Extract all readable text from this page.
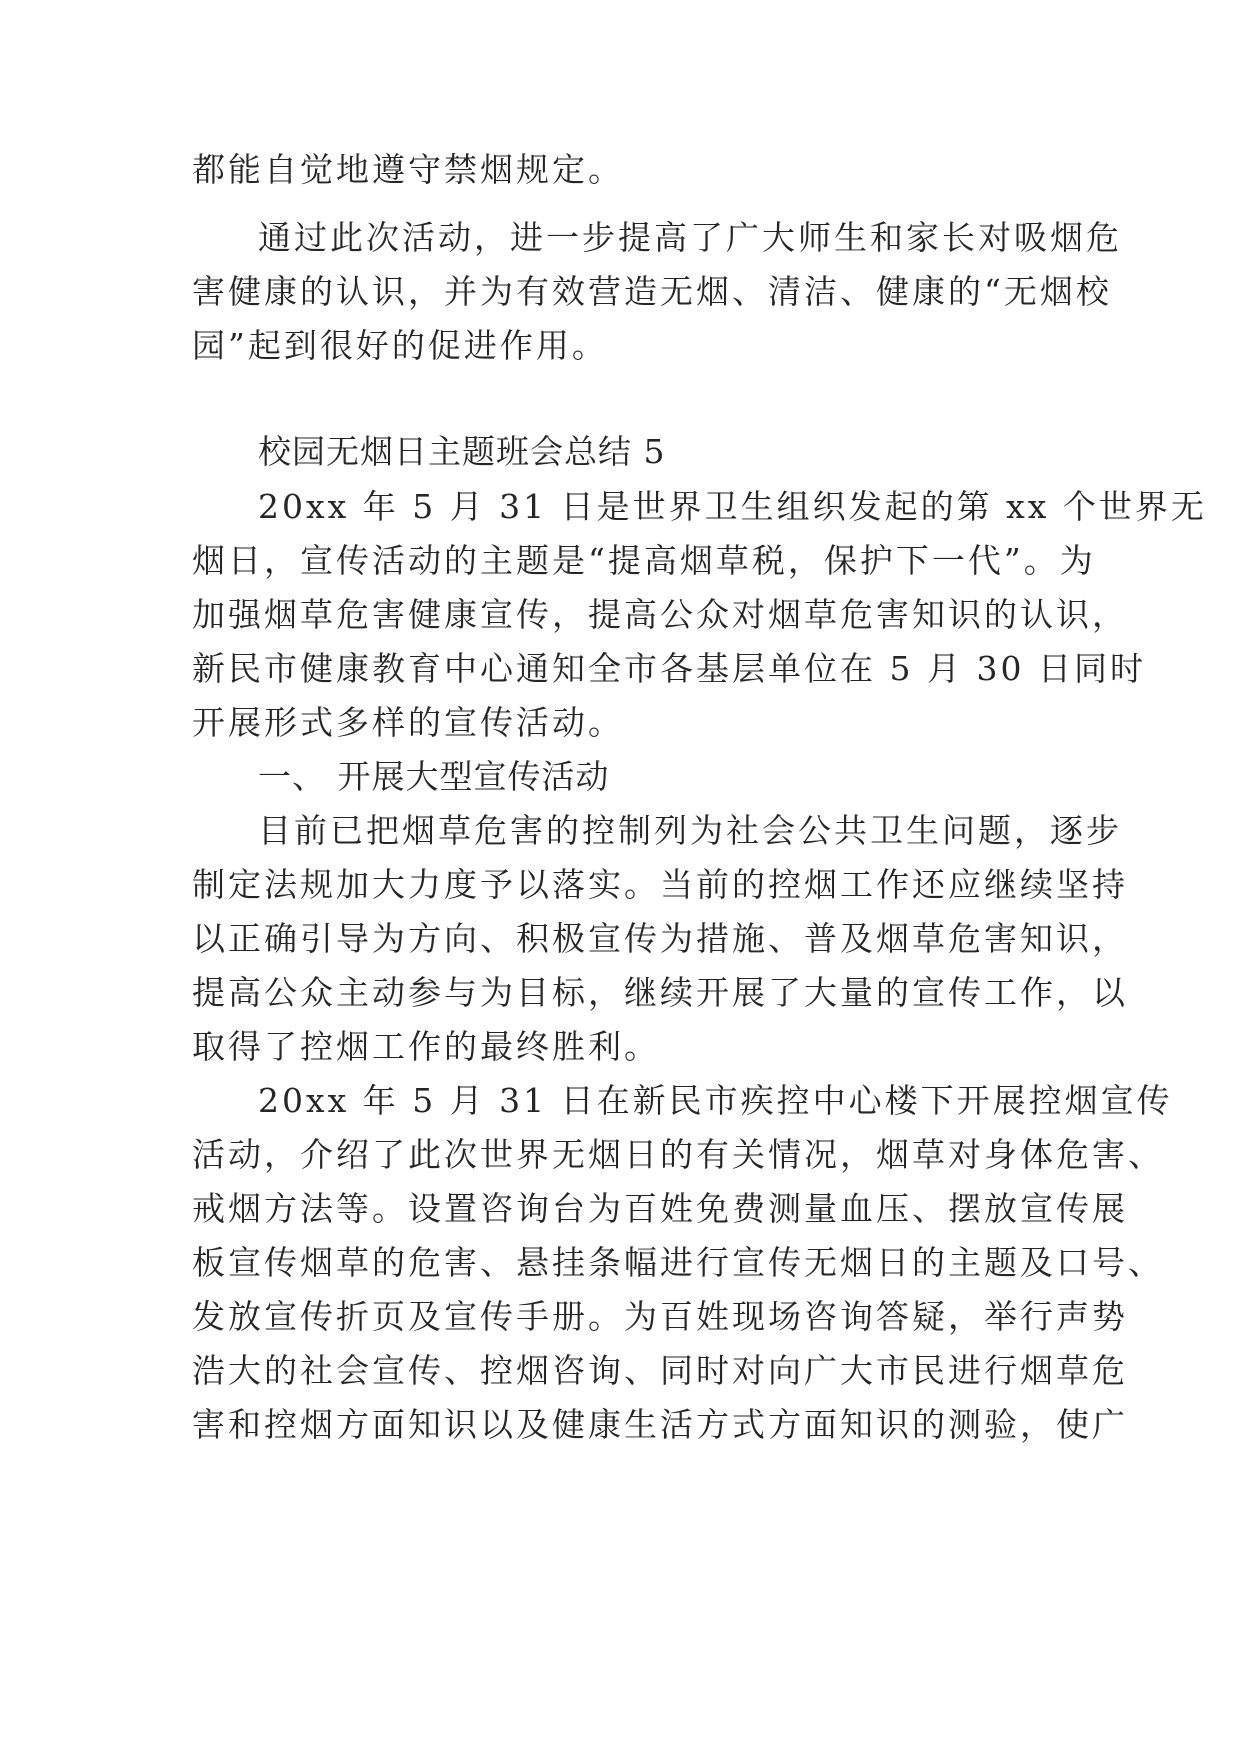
都能自觉地遵守禁烟规定。
通过此次活动，进一步提高了广大师生和家长对吸烟危
害健康的认识，并为有效营造无烟、清洁、健康的“无烟校
园”起到很好的促进作用。
校园无烟日主题班会总结 5
20xx 年 5 月 31 日是世界卫生组织发起的第 xx 个世界无
烟日，宣传活动的主题是“提高烟草税，保护下一代”。为
加强烟草危害健康宣传，提高公众对烟草危害知识的认识，
新民市健康教育中心通知全市各基层单位在 5 月 30 日同时
开展形式多样的宣传活动。
一、 开展大型宣传活动
目前已把烟草危害的控制列为社会公共卫生问题，逐步
制定法规加大力度予以落实。当前的控烟工作还应继续坚持
以正确引导为方向、积极宣传为措施、普及烟草危害知识，
提高公众主动参与为目标，继续开展了大量的宣传工作，以
取得了控烟工作的最终胜利。
20xx 年 5 月 31 日在新民市疾控中心楼下开展控烟宣传
活动，介绍了此次世界无烟日的有关情况，烟草对身体危害、
戒烟方法等。设置咨询台为百姓免费测量血压、摆放宣传展
板宣传烟草的危害、悬挂条幅进行宣传无烟日的主题及口号、
发放宣传折页及宣传手册。为百姓现场咨询答疑，举行声势
浩大的社会宣传、控烟咨询、同时对向广大市民进行烟草危
害和控烟方面知识以及健康生活方式方面知识的测验，使广
